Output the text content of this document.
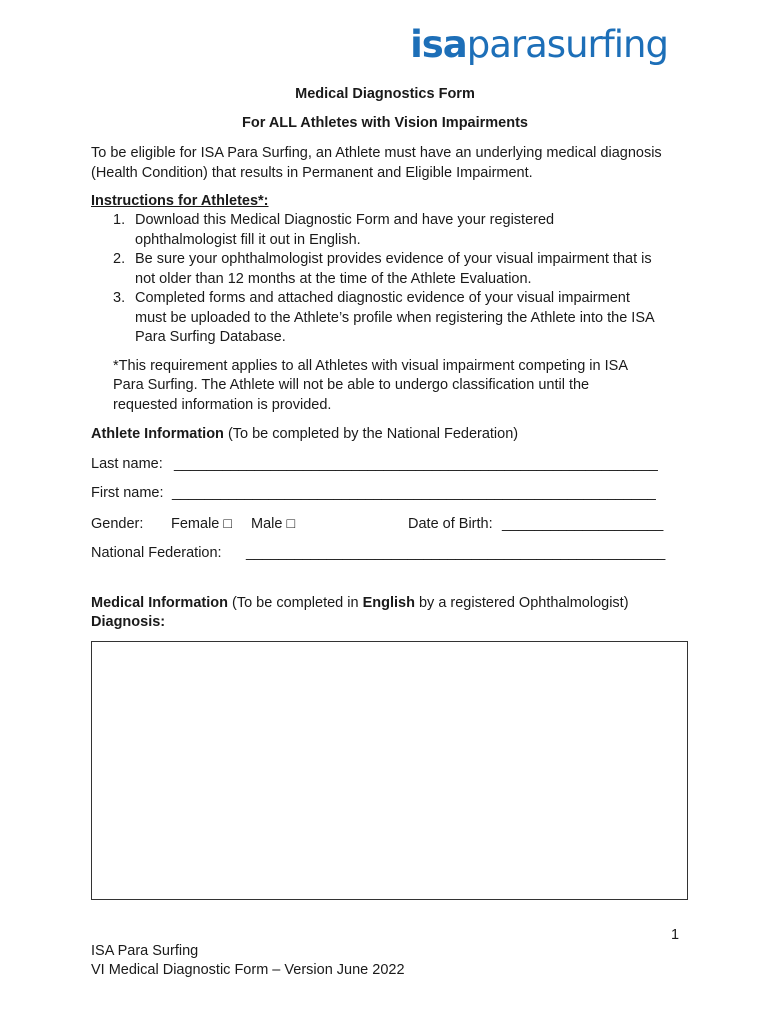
isaparasurfing
Medical Diagnostics Form
For ALL Athletes with Vision Impairments
To be eligible for ISA Para Surfing, an Athlete must have an underlying medical diagnosis
(Health Condition) that results in Permanent and Eligible Impairment.
Instructions for Athletes*:
1. Download this Medical Diagnostic Form and have your registered
ophthalmologist fill it out in English.
2. Be sure your ophthalmologist provides evidence of your visual impairment that is
not older than 12 months at the time of the Athlete Evaluation.
3. Completed forms and attached diagnostic evidence of your visual impairment
must be uploaded to the Athlete’s profile when registering the Athlete into the ISA
Para Surfing Database.
*This requirement applies to all Athletes with visual impairment competing in ISA
Para Surfing. The Athlete will not be able to undergo classification until the
requested information is provided.
Athlete Information (To be completed by the National Federation)
Last name: ____________________________________________________________
First name: ____________________________________________________________
Gender: Female □ Male □	Date of Birth: ____________________
National Federation: ____________________________________________________
Medical Information (To be completed in English by a registered Ophthalmologist)
Diagnosis:
1
ISA Para Surfing
VI Medical Diagnostic Form – Version June 2022
